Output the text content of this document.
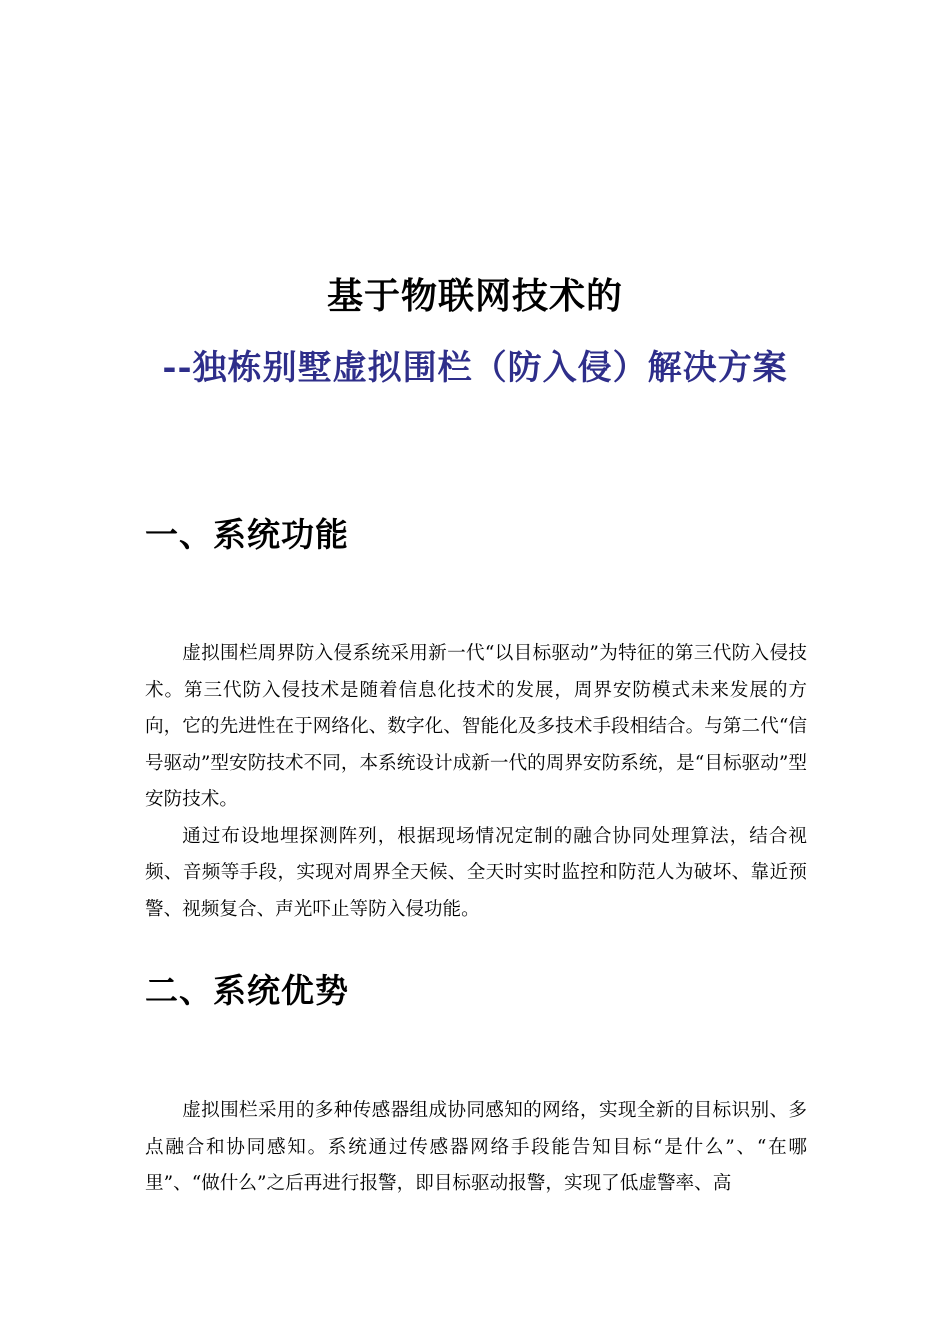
基于物联网技术的
--独栋别墅虚拟围栏（防入侵）解决方案
一、系统功能

虚拟围栏周界防入侵系统采用新一代“以目标驱动”为特征的第三代防入侵技术。第三代防入侵技术是随着信息化技术的发展，周界安防模式未来发展的方向，它的先进性在于网络化、数字化、智能化及多技术手段相结合。与第二代“信号驱动”型安防技术不同，本系统设计成新一代的周界安防系统，是“目标驱动”型安防技术。

通过布设地埋探测阵列，根据现场情况定制的融合协同处理算法，结合视频、音频等手段，实现对周界全天候、全天时实时监控和防范人为破坏、靠近预警、视频复合、声光吓止等防入侵功能。

二、系统优势

虚拟围栏采用的多种传感器组成协同感知的网络，实现全新的目标识别、多点融合和协同感知。系统通过传感器网络手段能告知目标“是什么”、“在哪里”、“做什么”之后再进行报警，即目标驱动报警，实现了低虚警率、高
